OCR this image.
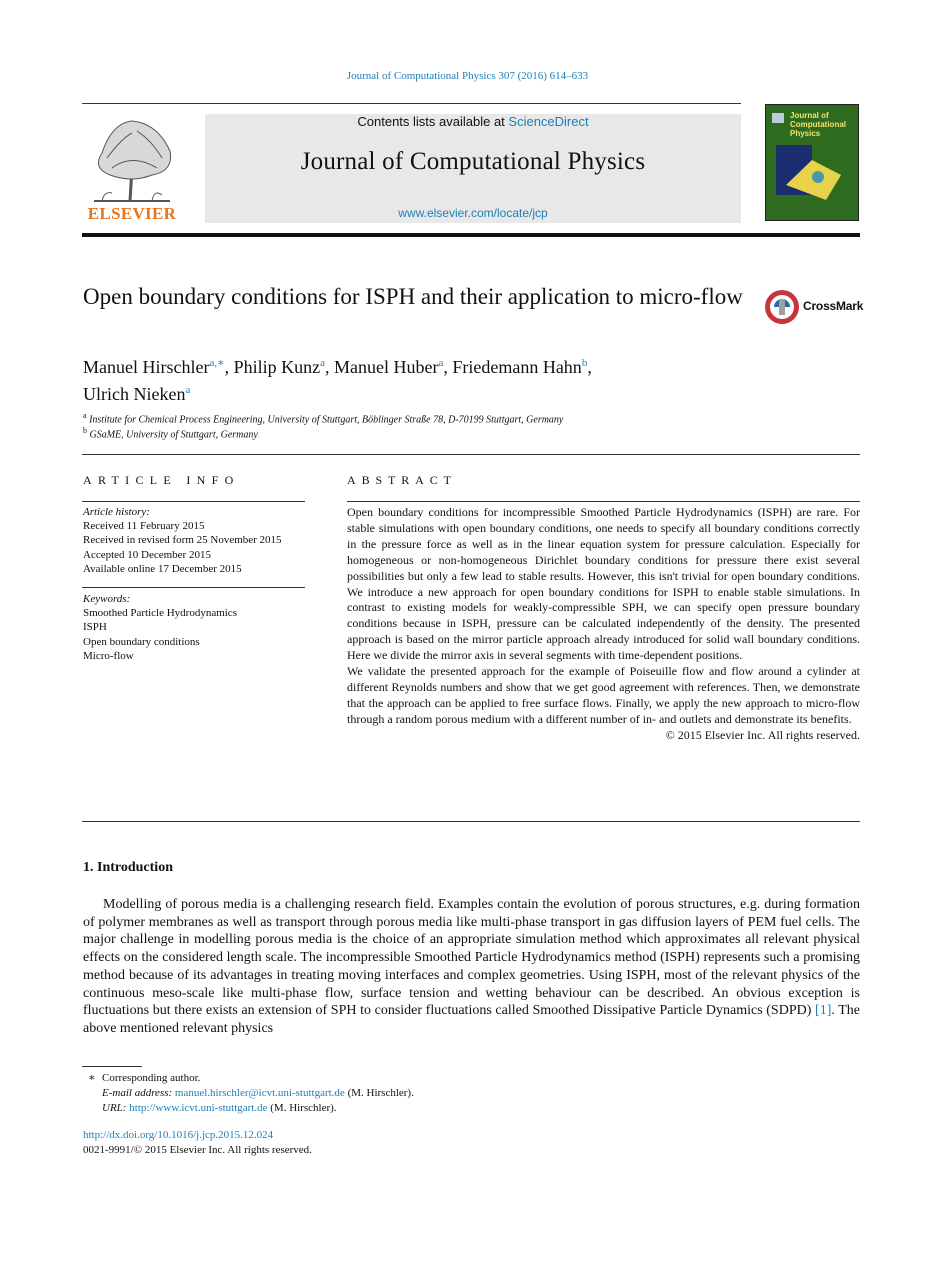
Journal of Computational Physics 307 (2016) 614–633
ELSEVIER
Contents lists available at ScienceDirect
Journal of Computational Physics
www.elsevier.com/locate/jcp
Journal of Computational Physics
Open boundary conditions for ISPH and their application to micro-flow	CrossMark
Manuel Hirschler$^{a,∗}$, Philip Kunz$^a$, Manuel Huber$^a$, Friedemann Hahn$^b$,
Ulrich Nieken$^a$
$^a$ Institute for Chemical Process Engineering, University of Stuttgart, Böblinger Straße 78, D-70199 Stuttgart, Germany
$^b$ GSaME, University of Stuttgart, Germany
ARTICLE INFO
Article history:
Received 11 February 2015
Received in revised form 25 November 2015
Accepted 10 December 2015
Available online 17 December 2015
Keywords:
Smoothed Particle Hydrodynamics
ISPH
Open boundary conditions
Micro-flow
ABSTRACT

Open boundary conditions for incompressible Smoothed Particle Hydrodynamics (ISPH) are rare. For stable simulations with open boundary conditions, one needs to specify all boundary conditions correctly in the pressure force as well as in the linear equation system for pressure calculation. Especially for homogeneous or non-homogeneous Dirichlet boundary conditions for pressure there exist several possibilities but only a few lead to stable results. However, this isn't trivial for open boundary conditions. We introduce a new approach for open boundary conditions for ISPH to enable stable simulations. In contrast to existing models for weakly-compressible SPH, we can specify open pressure boundary conditions because in ISPH, pressure can be calculated independently of the density. The presented approach is based on the mirror particle approach already introduced for solid wall boundary conditions. Here we divide the mirror axis in several segments with time-dependent positions.

We validate the presented approach for the example of Poiseuille flow and flow around a cylinder at different Reynolds numbers and show that we get good agreement with references. Then, we demonstrate that the approach can be applied to free surface flows. Finally, we apply the new approach to micro-flow through a random porous medium with a different number of in- and outlets and demonstrate its benefits.

© 2015 Elsevier Inc. All rights reserved.

1. Introduction
Modelling of porous media is a challenging research field. Examples contain the evolution of porous structures, e.g. during formation of polymer membranes as well as transport through porous media like multi-phase transport in gas diffusion layers of PEM fuel cells. The major challenge in modelling porous media is the choice of an appropriate simulation method which approximates all relevant physical effects on the considered length scale. The incompressible Smoothed Particle Hydrodynamics method (ISPH) represents such a promising method because of its advantages in treating moving interfaces and complex geometries. Using ISPH, most of the relevant physics of the continuous meso-scale like multi-phase flow, surface tension and wetting behaviour can be described. An obvious exception is fluctuations but there exists an extension of SPH to consider fluctuations called Smoothed Dissipative Particle Dynamics (SDPD) [1]. The above mentioned relevant physics
∗ Corresponding author.
E-mail address: manuel.hirschler@icvt.uni-stuttgart.de (M. Hirschler).
URL: http://www.icvt.uni-stuttgart.de (M. Hirschler).
http://dx.doi.org/10.1016/j.jcp.2015.12.024
0021-9991/© 2015 Elsevier Inc. All rights reserved.
